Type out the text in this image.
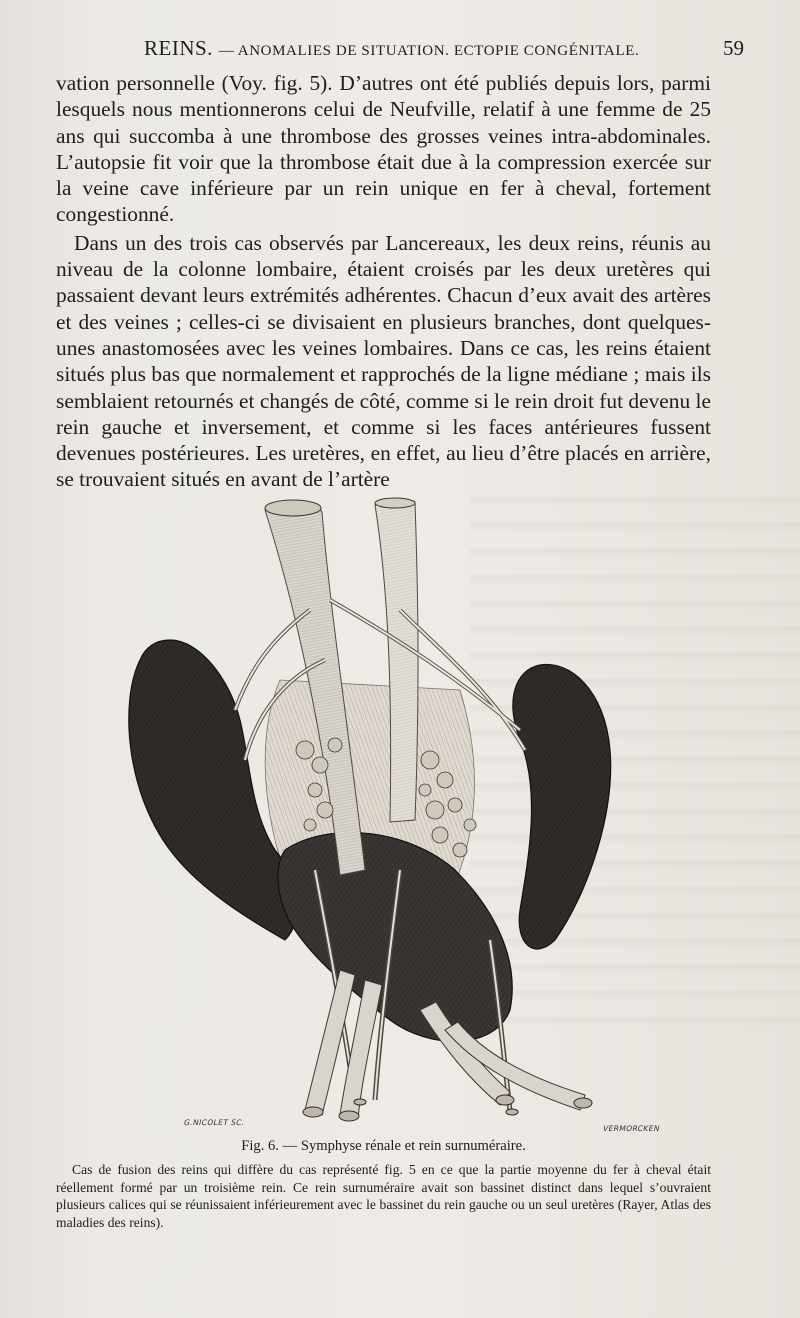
REINS. — ANOMALIES DE SITUATION. ECTOPIE CONGÉNITALE.	59

vation personnelle (Voy. fig. 5). D’autres ont été publiés depuis lors, parmi lesquels nous mentionnerons celui de Neufville, relatif à une femme de 25 ans qui succomba à une thrombose des grosses veines intra-abdominales. L’autopsie fit voir que la thrombose était due à la compression exercée sur la veine cave inférieure par un rein unique en fer à cheval, fortement congestionné.

Dans un des trois cas observés par Lancereaux, les deux reins, réunis au niveau de la colonne lombaire, étaient croisés par les deux uretères qui passaient devant leurs extrémités adhérentes. Chacun d’eux avait des artères et des veines ; celles-ci se divisaient en plusieurs branches, dont quelques-unes anastomosées avec les veines lombaires. Dans ce cas, les reins étaient situés plus bas que normalement et rapprochés de la ligne médiane ; mais ils semblaient retournés et changés de côté, comme si le rein droit fut devenu le rein gauche et inversement, et comme si les faces antérieures fussent devenues postérieures. Les uretères, en effet, au lieu d’être placés en arrière, se trouvaient situés en avant de l’artère

G.NICOLET SC.
VERMORCKEN
Fig. 6. — Symphyse rénale et rein surnuméraire.

Cas de fusion des reins qui diffère du cas représenté fig. 5 en ce que la partie moyenne du fer à cheval était réellement formé par un troisième rein. Ce rein surnuméraire avait son bassinet distinct dans lequel s’ouvraient plusieurs calices qui se réunissaient inférieurement avec le bassinet du rein gauche ou un seul uretères (Rayer, Atlas des maladies des reins).
